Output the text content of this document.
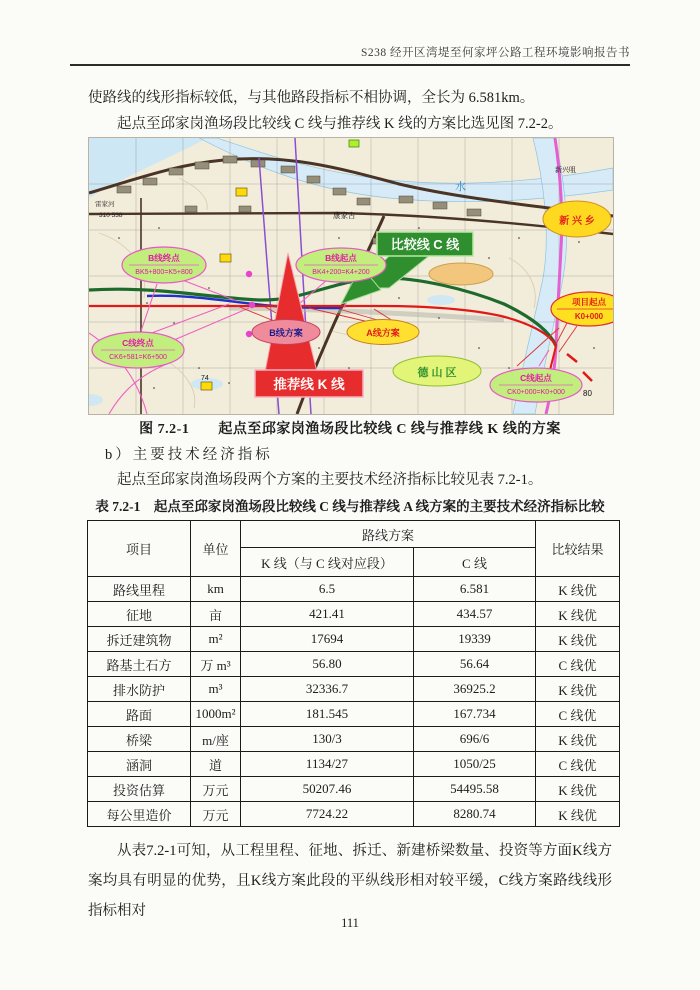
S238 经开区湾堤至何家坪公路工程环境影响报告书
使路线的线形指标较低，与其他路段指标不相协调，全长为 6.581km。
起点至邱家岗渔场段比较线 C 线与推荐线 K 线的方案比选见图 7.2-2。
雷家河
310 538	康家古
新兴咀
水
80
74
B线终点
BK5+800=K5+800
B线起点
BK4+200=K4+200
C线终点
CK6+581=K6+500
C线起点
CK0+000=K0+000
B线方案	A线方案
德 山 区
新 兴 乡
项目起点
K0+000
比较线 C 线
推荐线 K 线
图 7.2-1　　起点至邱家岗渔场段比较线 C 线与推荐线 K 线的方案
b）主要技术经济指标
起点至邱家岗渔场段两个方案的主要技术经济指标比较见表 7.2-1。
表 7.2-1　起点至邱家岗渔场段比较线 C 线与推荐线 A 线方案的主要技术经济指标比较
项目	单位	路线方案		比较结果
		K 线（与 C 线对应段）	C 线	
路线里程	km	6.5	6.581	K 线优
征地	亩	421.41	434.57	K 线优
拆迁建筑物	m²	17694	19339	K 线优
路基土石方	万 m³	56.80	56.64	C 线优
排水防护	m³	32336.7	36925.2	K 线优
路面	1000m²	181.545	167.734	C 线优
桥梁	m/座	130/3	696/6	K 线优
涵洞	道	1134/27	1050/25	C 线优
投资估算	万元	50207.46	54495.58	K 线优
每公里造价	万元	7724.22	8280.74	K 线优
从表7.2-1可知，从工程里程、征地、拆迁、新建桥梁数量、投资等方面K线方案均具有明显的优势，且K线方案此段的平纵线形相对较平缓，C线方案路线线形指标相对
111
